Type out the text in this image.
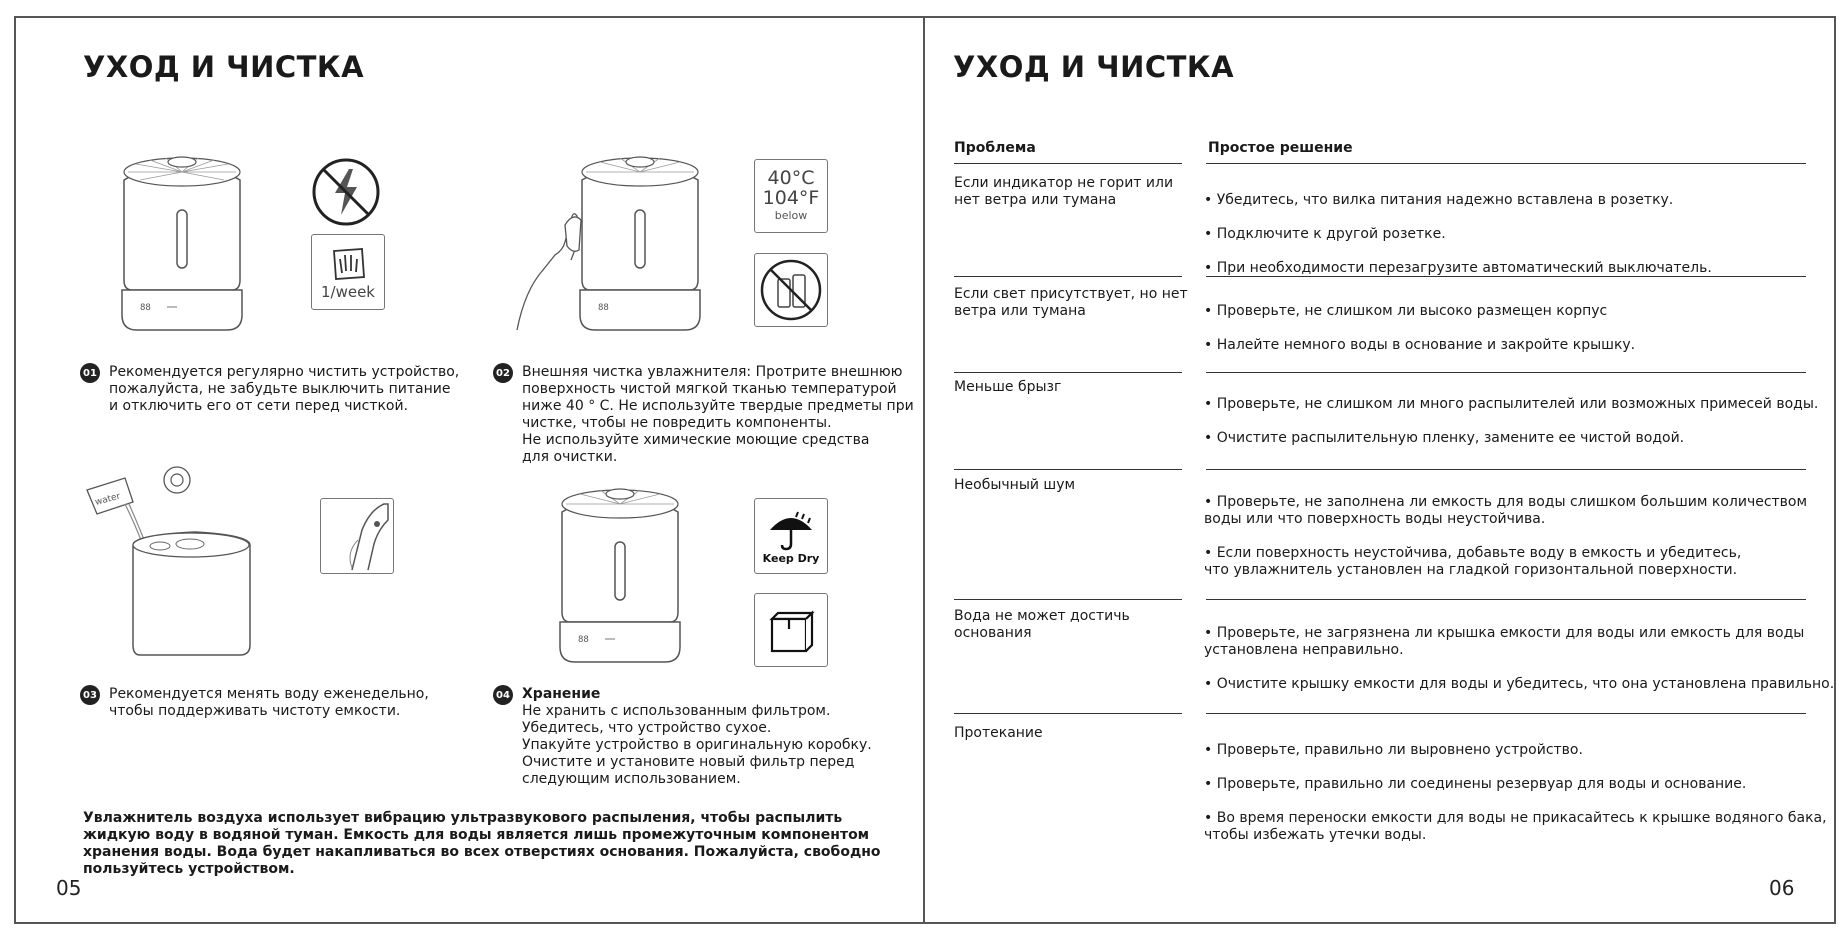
УХОД И ЧИСТКА
88
1/week
88
40°C
104°F
below
01 Рекомендуется регулярно чистить устройство,
пожалуйста, не забудьте выключить питание
и отключить его от сети перед чисткой.
02 Внешняя чистка увлажнителя: Протрите внешнюю
поверхность чистой мягкой тканью температурой
ниже 40 ° C. Не используйте твердые предметы при
чистке, чтобы не повредить компоненты.
Не используйте химические моющие средства
для очистки.
water
88
Keep Dry
03 Рекомендуется менять воду еженедельно,
чтобы поддерживать чистоту емкости.
04 Хранение
Не хранить с использованным фильтром.
Убедитесь, что устройство сухое.
Упакуйте устройство в оригинальную коробку.
Очистите и установите новый фильтр перед
следующим использованием.
Увлажнитель воздуха использует вибрацию ультразвукового распыления, чтобы распылить жидкую воду в водяной туман. Емкость для воды является лишь промежуточным компонентом хранения воды. Вода будет накапливаться во всех отверстиях основания. Пожалуйста, свободно пользуйтесь устройством.
05
УХОД И ЧИСТКА
Проблема	Простое решение
Если индикатор не горит или
нет ветра или тумана	• Убедитесь, что вилка питания надежно вставлена в розетку.

• Подключите к другой розетке.

• При необходимости перезагрузите автоматический выключатель.

Если свет присутствует, но нет
ветра или тумана	• Проверьте, не слишком ли высоко размещен корпус

• Налейте немного воды в основание и закройте крышку.

Меньше брызг

• Проверьте, не слишком ли много распылителей или возможных примесей воды.

• Очистите распылительную пленку, замените ее чистой водой.

Необычный шум

• Проверьте, не заполнена ли емкость для воды слишком большим количеством
воды или что поверхность воды неустойчива.

• Если поверхность неустойчива, добавьте воду в емкость и убедитесь,
что увлажнитель установлен на гладкой горизонтальной поверхности.

Вода не может достичь
основания	• Проверьте, не загрязнена ли крышка емкости для воды или емкость для воды
установлена неправильно.

• Очистите крышку емкости для воды и убедитесь, что она установлена правильно.

Протекание

• Проверьте, правильно ли выровнено устройство.

• Проверьте, правильно ли соединены резервуар для воды и основание.

• Во время переноски емкости для воды не прикасайтесь к крышке водяного бака,
чтобы избежать утечки воды.

06
